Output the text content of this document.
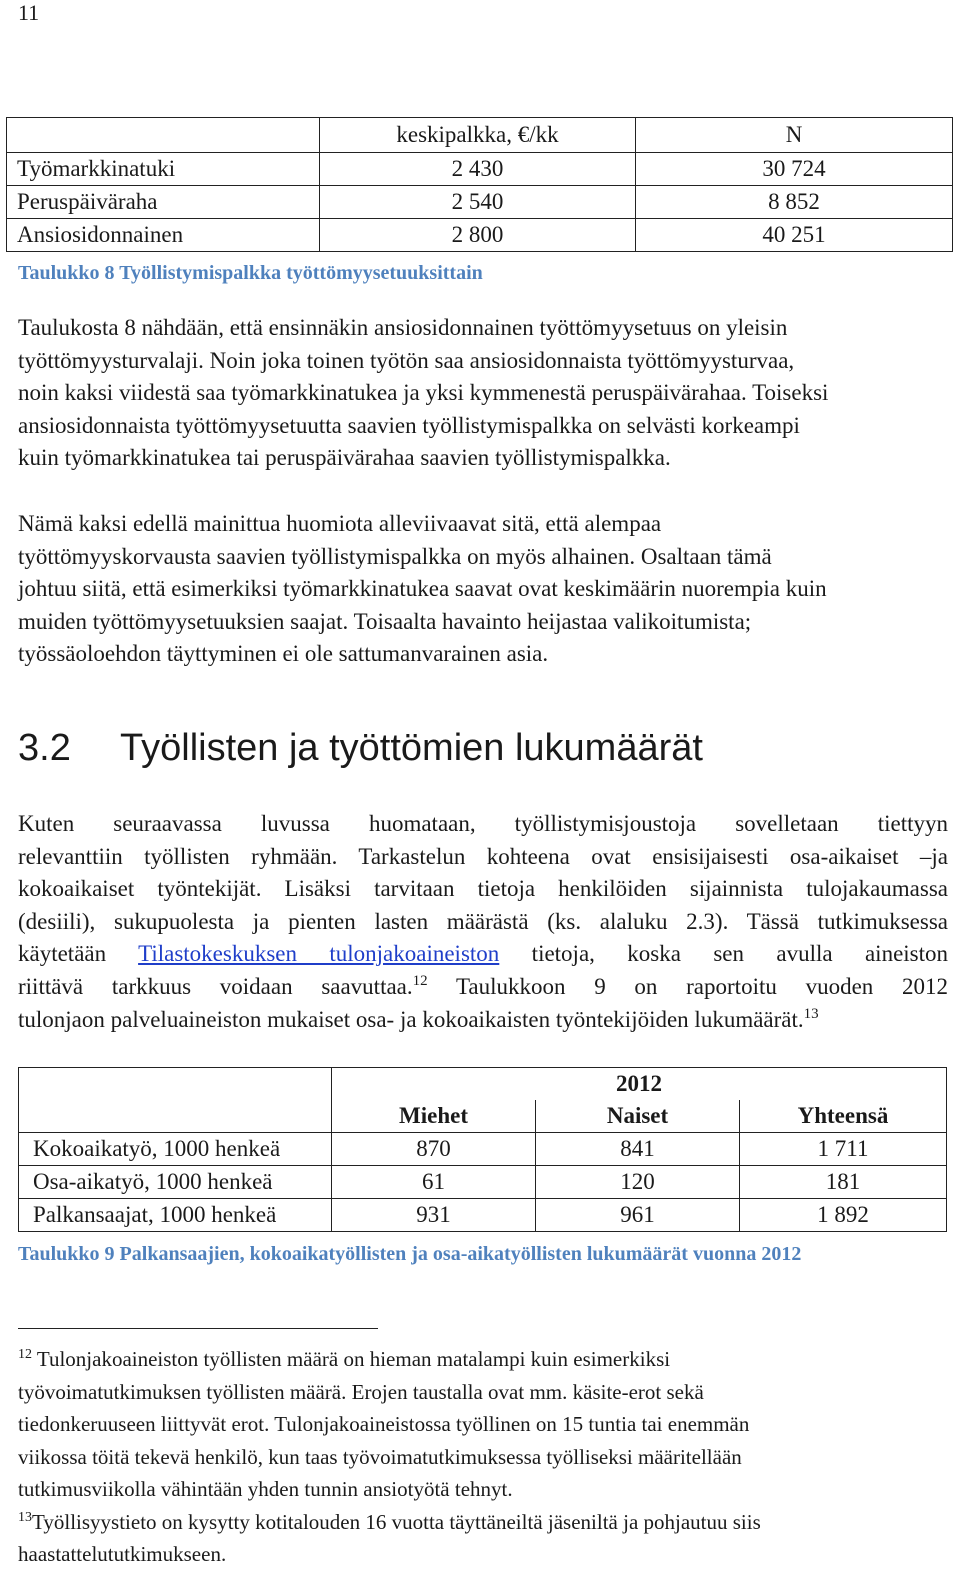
11
	keskipalkka, €/kk	N
Työmarkkinatuki	2 430	30 724
Peruspäiväraha	2 540	8 852
Ansiosidonnainen	2 800	40 251
Taulukko 8 Työllistymispalkka työttömyysetuuksittain
Taulukosta 8 nähdään, että ensinnäkin ansiosidonnainen työttömyysetuus on yleisin
työttömyysturvalaji. Noin joka toinen työtön saa ansiosidonnaista työttömyysturvaa,
noin kaksi viidestä saa työmarkkinatukea ja yksi kymmenestä peruspäivärahaa. Toiseksi
ansiosidonnaista työttömyysetuutta saavien työllistymispalkka on selvästi korkeampi
kuin työmarkkinatukea tai peruspäivärahaa saavien työllistymispalkka.
Nämä kaksi edellä mainittua huomiota alleviivaavat sitä, että alempaa
työttömyyskorvausta saavien työllistymispalkka on myös alhainen. Osaltaan tämä
johtuu siitä, että esimerkiksi työmarkkinatukea saavat ovat keskimäärin nuorempia kuin
muiden työttömyysetuuksien saajat. Toisaalta havainto heijastaa valikoitumista;
työssäoloehdon täyttyminen ei ole sattumanvarainen asia.
3.2 Työllisten ja työttömien lukumäärät
Kuten seuraavassa luvussa huomataan, työllistymisjoustoja sovelletaan tiettyyn
relevanttiin työllisten ryhmään. Tarkastelun kohteena ovat ensisijaisesti osa-aikaiset –ja
kokoaikaiset työntekijät. Lisäksi tarvitaan tietoja henkilöiden sijainnista tulojakaumassa
(desiili), sukupuolesta ja pienten lasten määrästä (ks. alaluku 2.3). Tässä tutkimuksessa
käytetään Tilastokeskuksen tulonjakoaineiston tietoja, koska sen avulla aineiston
riittävä tarkkuus voidaan saavuttaa.$^{12}$ Taulukkoon 9 on raportoitu vuoden 2012
tulonjaon palveluaineiston mukaiset osa- ja kokoaikaisten työntekijöiden lukumäärät.$^{13}$
	2012		
	Miehet	Naiset	Yhteensä
Kokoaikatyö, 1000 henkeä	870	841	1 711
Osa-aikatyö, 1000 henkeä	61	120	181
Palkansaajat, 1000 henkeä	931	961	1 892
Taulukko 9 Palkansaajien, kokoaikatyöllisten ja osa-aikatyöllisten lukumäärät vuonna 2012
$^{12}$ Tulonjakoaineiston työllisten määrä on hieman matalampi kuin esimerkiksi
työvoimatutkimuksen työllisten määrä. Erojen taustalla ovat mm. käsite-erot sekä
tiedonkeruuseen liittyvät erot. Tulonjakoaineistossa työllinen on 15 tuntia tai enemmän
viikossa töitä tekevä henkilö, kun taas työvoimatutkimuksessa työlliseksi määritellään
tutkimusviikolla vähintään yhden tunnin ansiotyötä tehnyt.
$^{13}$Työllisyystieto on kysytty kotitalouden 16 vuotta täyttäneiltä jäseniltä ja pohjautuu siis
haastattelututkimukseen.
